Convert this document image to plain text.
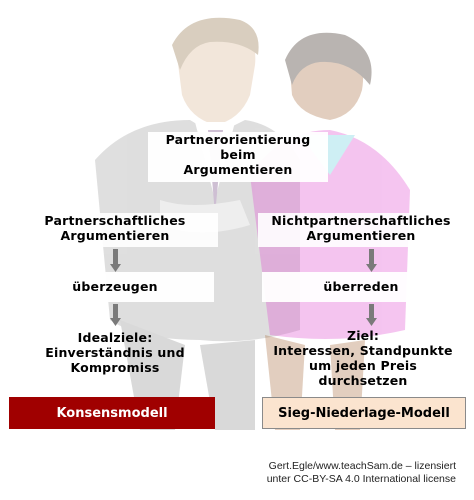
Partnerorientierung
beim
Argumentieren
Partnerschaftliches
Argumentieren
Nichtpartnerschaftliches
Argumentieren
überzeugen	überreden
Idealziele:
Einverständnis und
Kompromiss
Ziel:
Interessen, Standpunkte
um jeden Preis
durchsetzen
Konsensmodell	Sieg-Niederlage-Modell
Gert.Egle/www.teachSam.de – lizensiert
unter CC-BY-SA 4.0 International license
